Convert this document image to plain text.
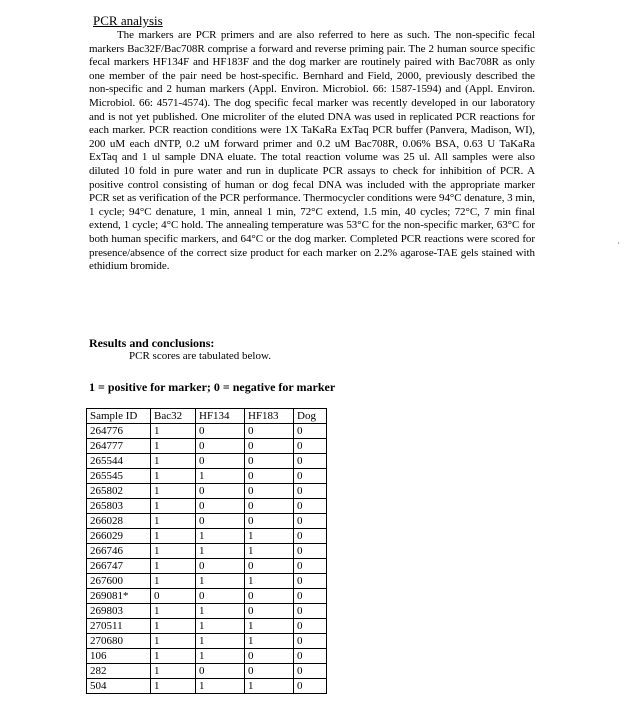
PCR analysis

The markers are PCR primers and are also referred to here as such. The non-specific fecal markers Bac32F/Bac708R comprise a forward and reverse priming pair. The 2 human source specific fecal markers HF134F and HF183F and the dog marker are routinely paired with Bac708R as only one member of the pair need be host-specific. Bernhard and Field, 2000, previously described the non-specific and 2 human markers (Appl. Environ. Microbiol. 66: 1587-1594) and (Appl. Environ. Microbiol. 66: 4571-4574). The dog specific fecal marker was recently developed in our laboratory and is not yet published. One microliter of the eluted DNA was used in replicated PCR reactions for each marker. PCR reaction conditions were 1X TaKaRa ExTaq PCR buffer (Panvera, Madison, WI), 200 uM each dNTP, 0.2 uM forward primer and 0.2 uM Bac708R, 0.06% BSA, 0.63 U TaKaRa ExTaq and 1 ul sample DNA eluate. The total reaction volume was 25 ul. All samples were also diluted 10 fold in pure water and run in duplicate PCR assays to check for inhibition of PCR. A positive control consisting of human or dog fecal DNA was included with the appropriate marker PCR set as verification of the PCR performance. Thermocycler conditions were 94°C denature, 3 min, 1 cycle; 94°C denature, 1 min, anneal 1 min, 72°C extend, 1.5 min, 40 cycles; 72°C, 7 min final extend, 1 cycle; 4°C hold. The annealing temperature was 53°C for the non-specific marker, 63°C for both human specific markers, and 64°C or the dog marker. Completed PCR reactions were scored for presence/absence of the correct size product for each marker on 2.2% agarose-TAE gels stained with ethidium bromide.

Results and conclusions:
PCR scores are tabulated below.
1 = positive for marker; 0 = negative for marker
·
Sample ID	Bac32	HF134	HF183	Dog
264776	1	0	0	0
264777	1	0	0	0
265544	1	0	0	0
265545	1	1	0	0
265802	1	0	0	0
265803	1	0	0	0
266028	1	0	0	0
266029	1	1	1	0
266746	1	1	1	0
266747	1	0	0	0
267600	1	1	1	0
269081*	0	0	0	0
269803	1	1	0	0
270511	1	1	1	0
270680	1	1	1	0
106	1	1	0	0
282	1	0	0	0
504	1	1	1	0
